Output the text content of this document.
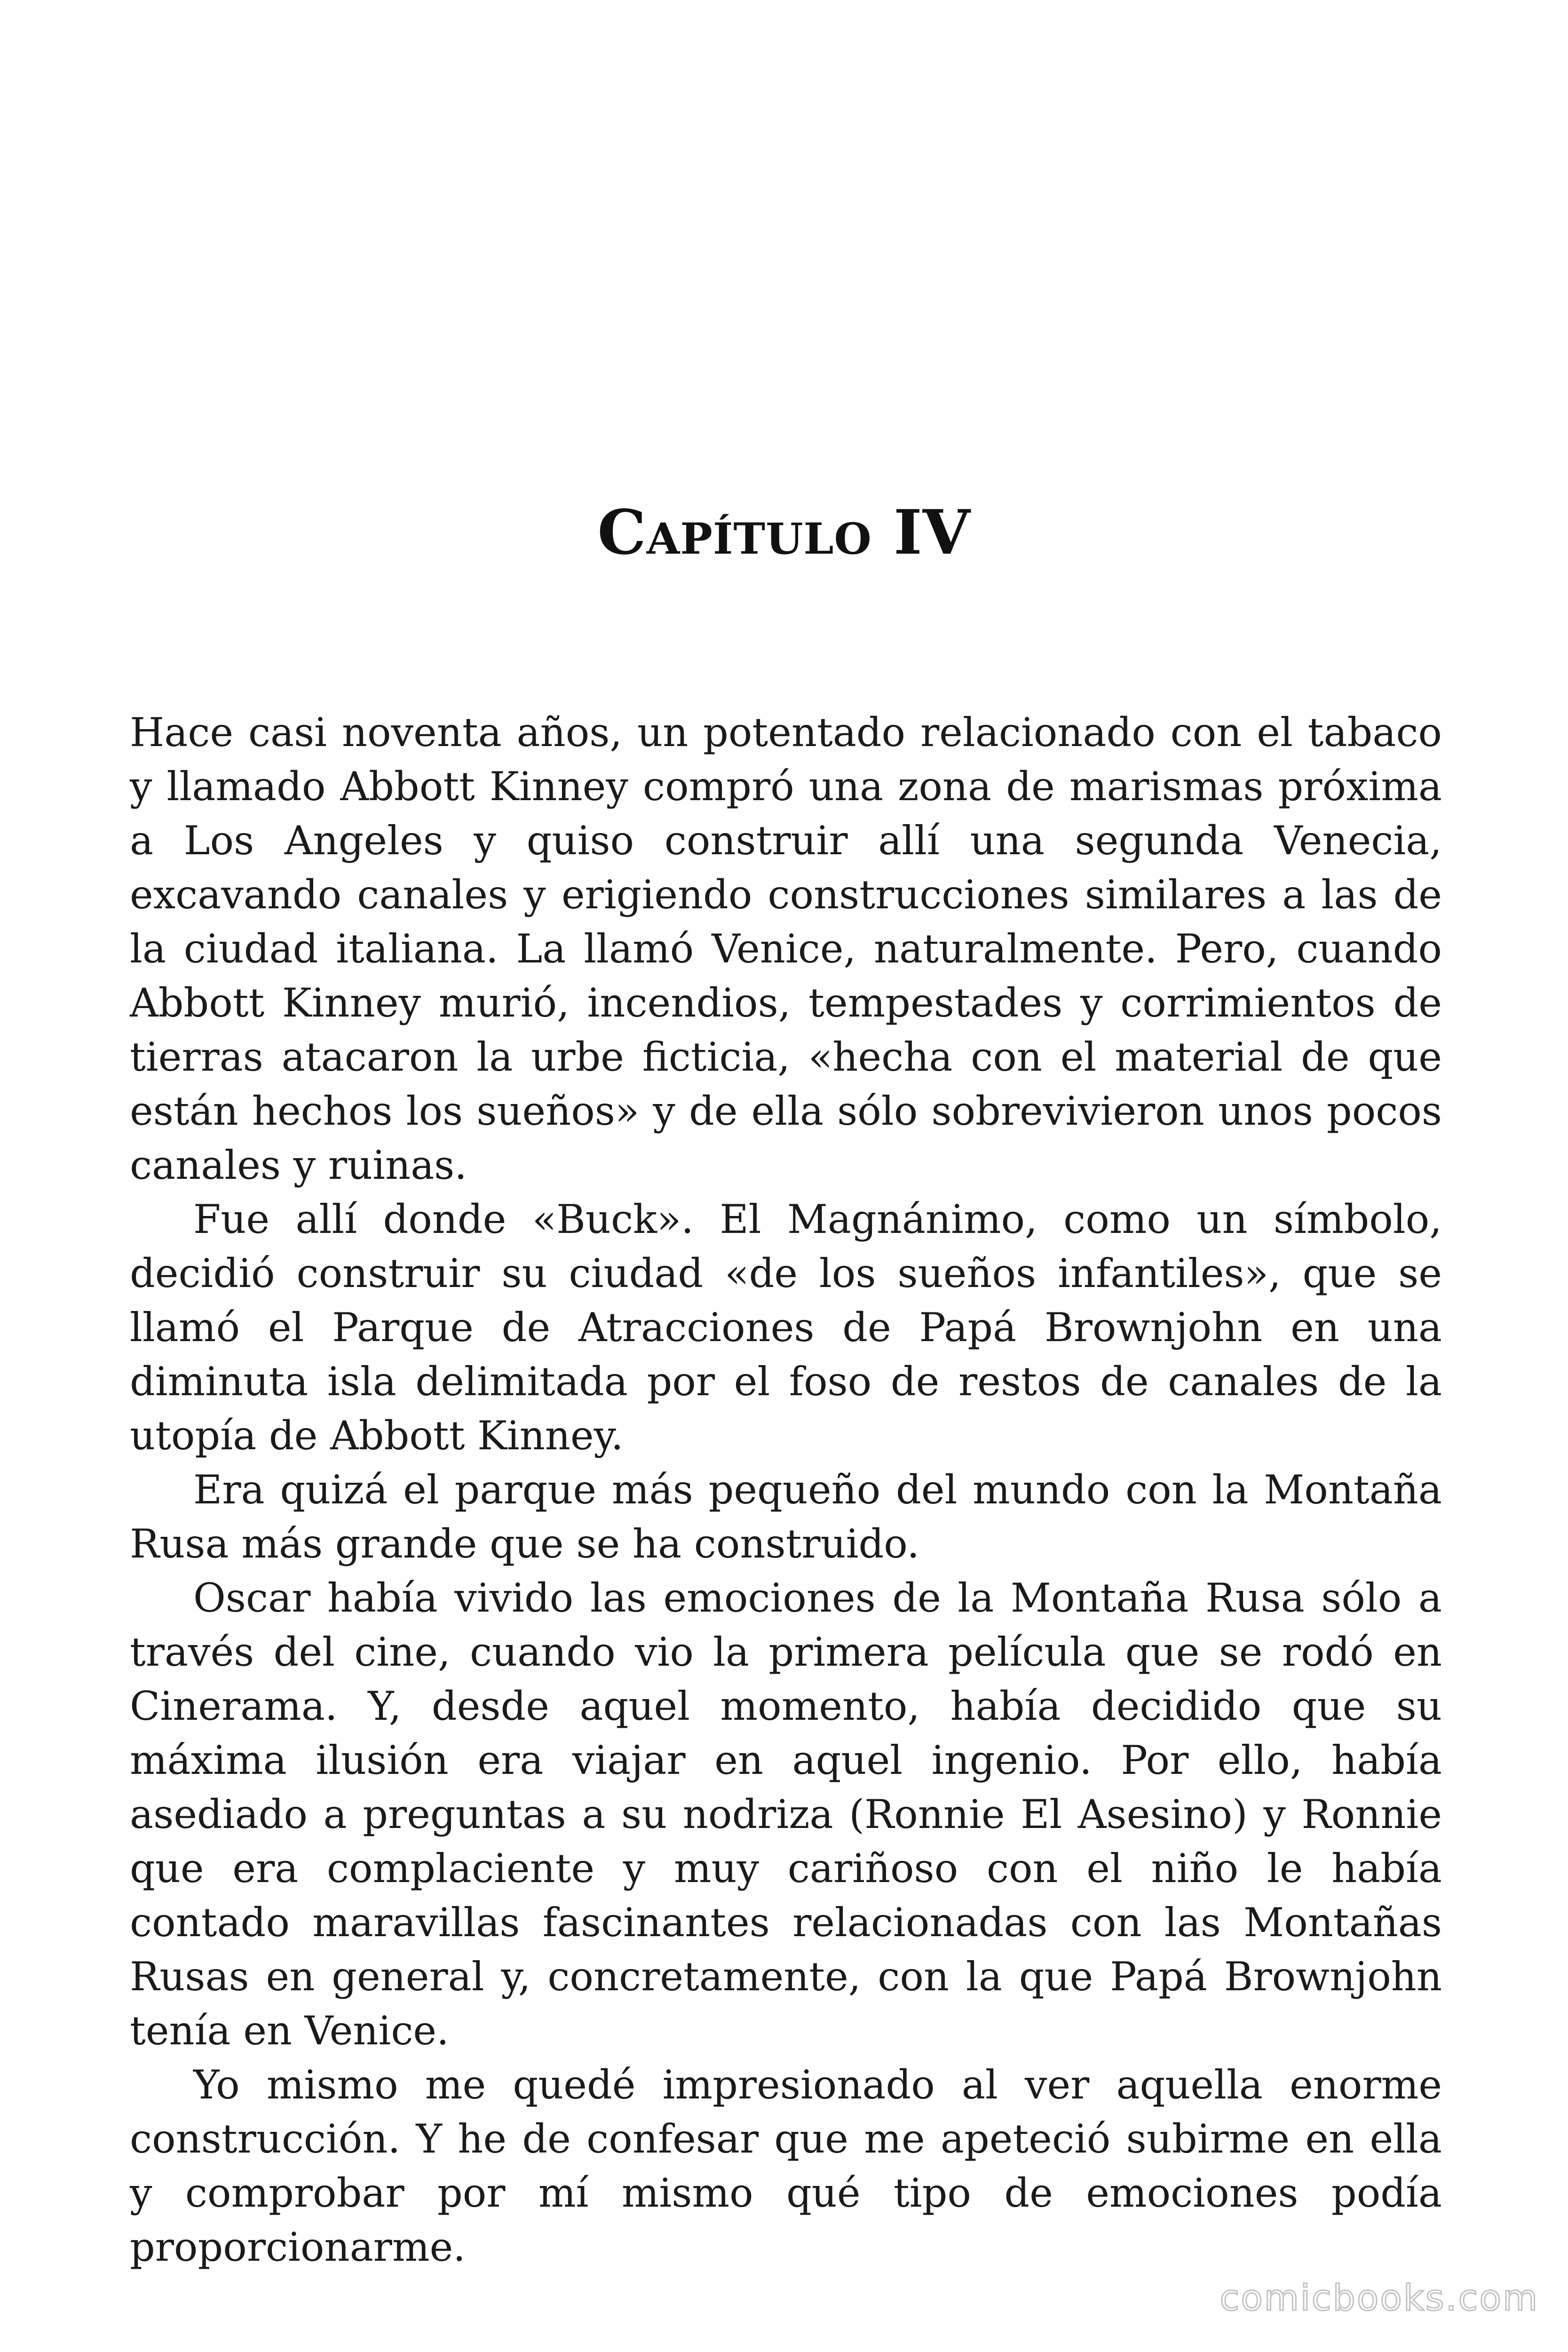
Capítulo IV

Hace casi noventa años, un potentado relacionado con el tabaco y llamado Abbott Kinney compró una zona de marismas próxima a Los Angeles y quiso construir allí una segunda Venecia, excavando canales y erigiendo construcciones similares a las de la ciudad italiana. La llamó Venice, naturalmente. Pero, cuando Abbott Kinney murió, incendios, tempestades y corrimientos de tierras atacaron la urbe ficticia, «hecha con el material de que están hechos los sueños» y de ella sólo sobrevivieron unos pocos canales y ruinas.

Fue allí donde «Buck». El Magnánimo, como un símbolo, decidió construir su ciudad «de los sueños infantiles», que se llamó el Parque de Atracciones de Papá Brownjohn en una diminuta isla delimitada por el foso de restos de canales de la utopía de Abbott Kinney.

Era quizá el parque más pequeño del mundo con la Montaña Rusa más grande que se ha construido.

Oscar había vivido las emociones de la Montaña Rusa sólo a través del cine, cuando vio la primera película que se rodó en Cinerama. Y, desde aquel momento, había decidido que su máxima ilusión era viajar en aquel ingenio. Por ello, había asediado a preguntas a su nodriza (Ronnie El Asesino) y Ronnie que era complaciente y muy cariñoso con el niño le había contado maravillas fascinantes relacionadas con las Montañas Rusas en general y, concretamente, con la que Papá Brownjohn tenía en Venice.

Yo mismo me quedé impresionado al ver aquella enorme construcción. Y he de confesar que me apeteció subirme en ella y comprobar por mí mismo qué tipo de emociones podía proporcionarme.

comicbooks.com
